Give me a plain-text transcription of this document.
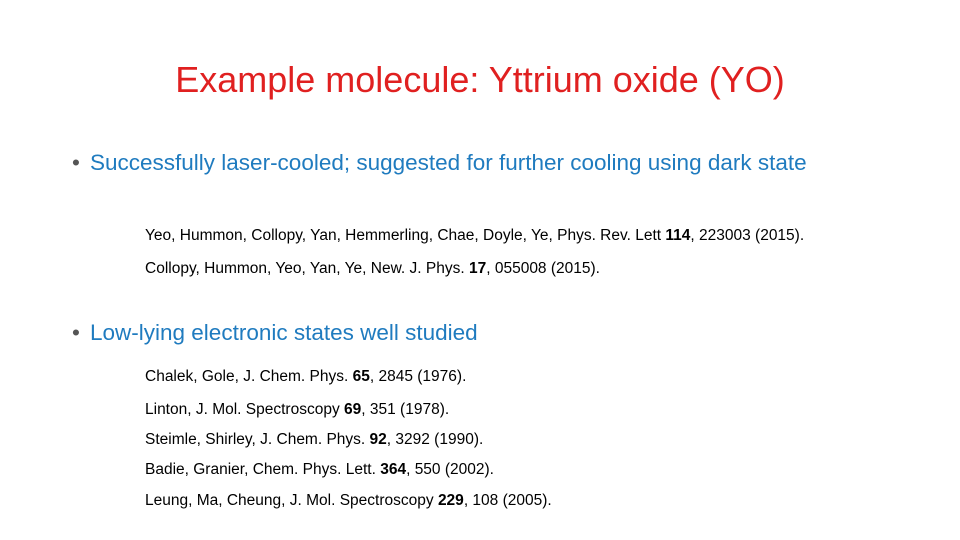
Example molecule: Yttrium oxide (YO)
• Successfully laser-cooled; suggested for further cooling using dark state
Yeo, Hummon, Collopy, Yan, Hemmerling, Chae, Doyle, Ye, Phys. Rev. Lett 114, 223003 (2015).
Collopy, Hummon, Yeo, Yan, Ye, New. J. Phys. 17, 055008 (2015).
• Low-lying electronic states well studied
Chalek, Gole, J. Chem. Phys. 65, 2845 (1976).
Linton, J. Mol. Spectroscopy 69, 351 (1978).
Steimle, Shirley, J. Chem. Phys. 92, 3292 (1990).
Badie, Granier, Chem. Phys. Lett. 364, 550 (2002).
Leung, Ma, Cheung, J. Mol. Spectroscopy 229, 108 (2005).
